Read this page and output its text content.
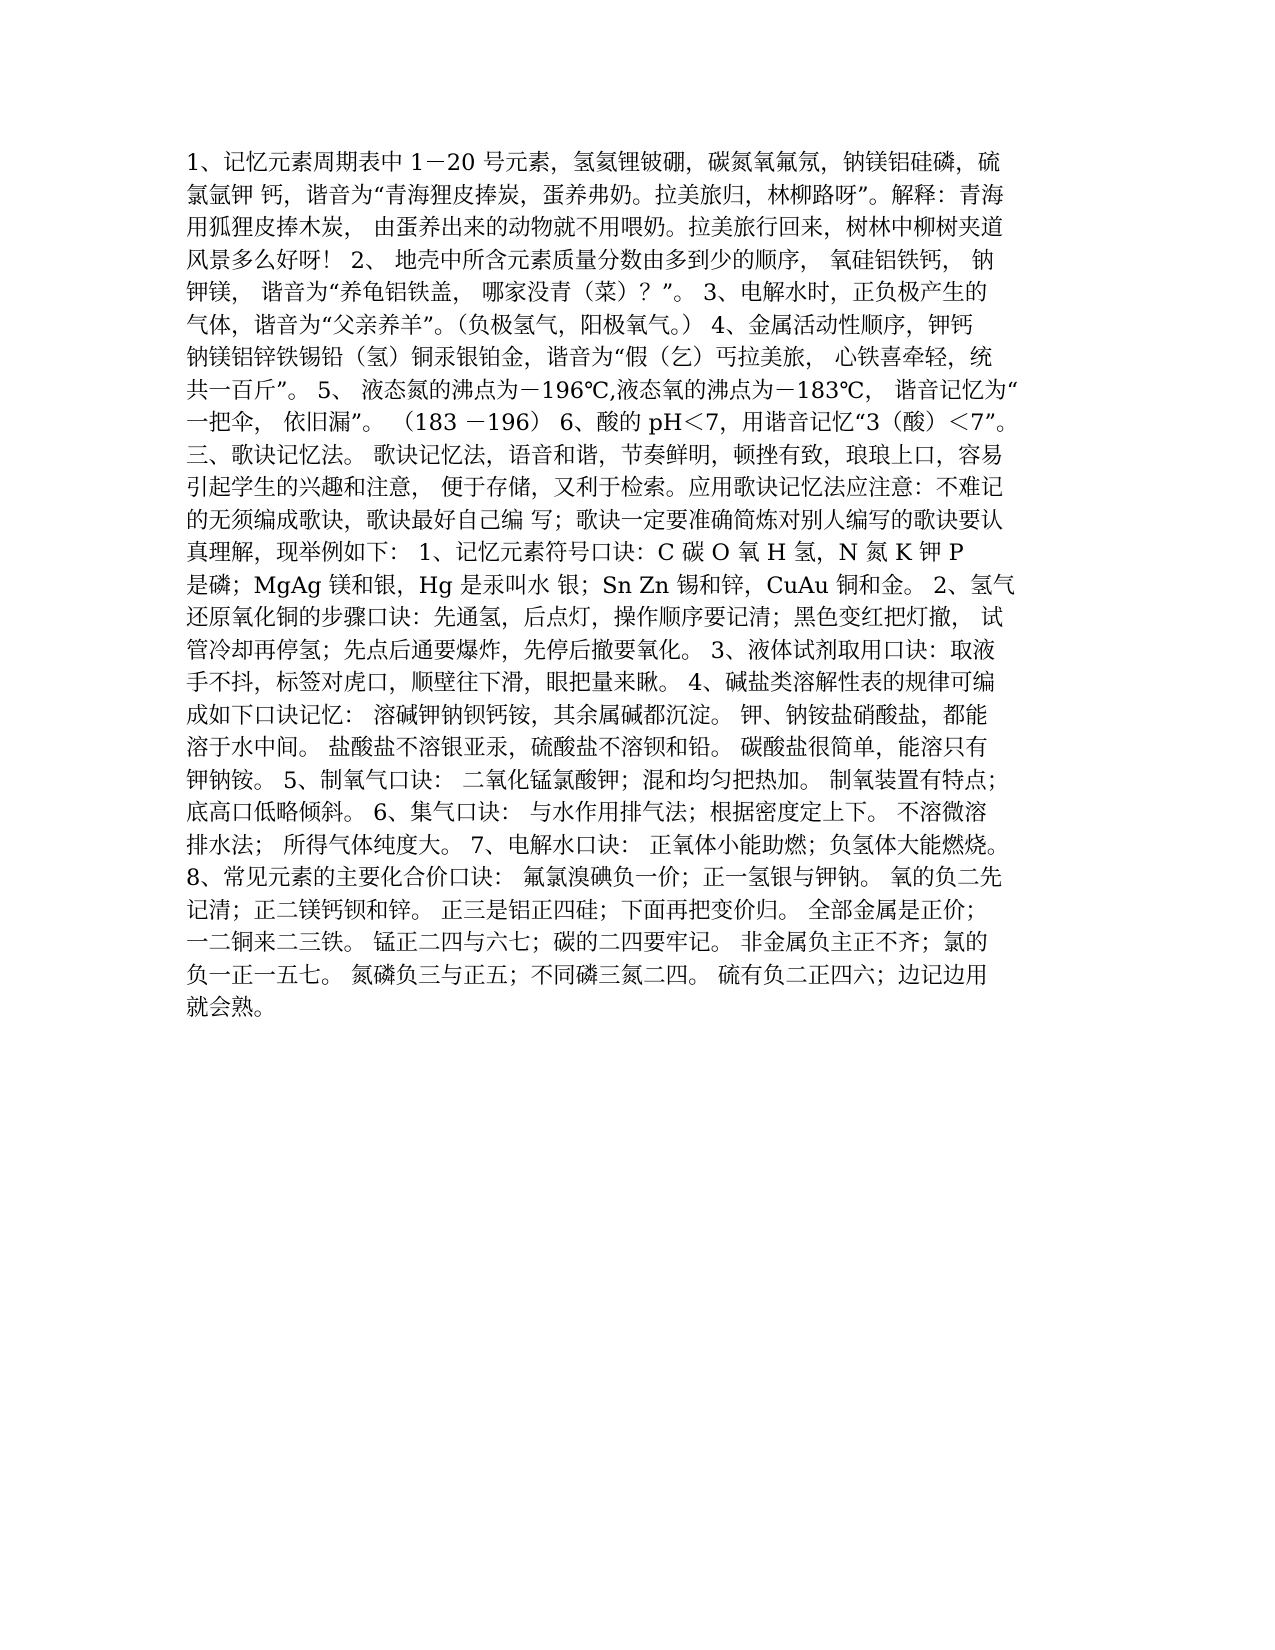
1、记忆元素周期表中 1－20 号元素，氢氦锂铍硼，碳氮氧氟氖，钠镁铝硅磷，硫
氯氩钾 钙，谐音为“青海狸皮捧炭，蛋养弗奶。拉美旅归，林柳路呀”。解释：青海
用狐狸皮捧木炭， 由蛋养出来的动物就不用喂奶。拉美旅行回来，树林中柳树夹道
风景多么好呀！ 2、 地壳中所含元素质量分数由多到少的顺序， 氧硅铝铁钙， 钠
钾镁， 谐音为“养龟铝铁盖， 哪家没青（菜）？”。 3、电解水时，正负极产生的
气体，谐音为“父亲养羊”。（负极氢气，阳极氧气。） 4、金属活动性顺序，钾钙
钠镁铝锌铁锡铅（氢）铜汞银铂金，谐音为“假（乞）丐拉美旅， 心铁喜牵轻，统
共一百斤”。 5、 液态氮的沸点为－196℃,液态氧的沸点为－183℃， 谐音记忆为“
一把伞， 依旧漏”。 （183 －196） 6、酸的 pH＜7，用谐音记忆“3（酸）＜7”。
三、歌诀记忆法。 歌诀记忆法，语音和谐，节奏鲜明，顿挫有致，琅琅上口，容易
引起学生的兴趣和注意， 便于存储，又利于检索。应用歌诀记忆法应注意：不难记
的无须编成歌诀，歌诀最好自己编 写；歌诀一定要准确简炼对别人编写的歌诀要认
真理解，现举例如下： 1、记忆元素符号口诀：C 碳 O 氧 H 氢，N 氮 K 钾 P
是磷；MgAg 镁和银，Hg 是汞叫水 银；Sn Zn 锡和锌，CuAu 铜和金。 2、氢气
还原氧化铜的步骤口诀：先通氢，后点灯，操作顺序要记清；黑色变红把灯撤， 试
管冷却再停氢；先点后通要爆炸，先停后撤要氧化。 3、液体试剂取用口诀：取液
手不抖，标签对虎口，顺壁往下滑，眼把量来瞅。 4、碱盐类溶解性表的规律可编
成如下口诀记忆： 溶碱钾钠钡钙铵，其余属碱都沉淀。 钾、钠铵盐硝酸盐，都能
溶于水中间。 盐酸盐不溶银亚汞，硫酸盐不溶钡和铅。 碳酸盐很简单，能溶只有
钾钠铵。 5、制氧气口诀： 二氧化锰氯酸钾；混和均匀把热加。 制氧装置有特点；
底高口低略倾斜。 6、集气口诀： 与水作用排气法；根据密度定上下。 不溶微溶
排水法； 所得气体纯度大。 7、电解水口诀： 正氧体小能助燃；负氢体大能燃烧。
8、常见元素的主要化合价口诀： 氟氯溴碘负一价；正一氢银与钾钠。 氧的负二先
记清；正二镁钙钡和锌。 正三是铝正四硅；下面再把变价归。 全部金属是正价；
一二铜来二三铁。 锰正二四与六七；碳的二四要牢记。 非金属负主正不齐；氯的
负一正一五七。 氮磷负三与正五；不同磷三氮二四。 硫有负二正四六；边记边用
就会熟。
